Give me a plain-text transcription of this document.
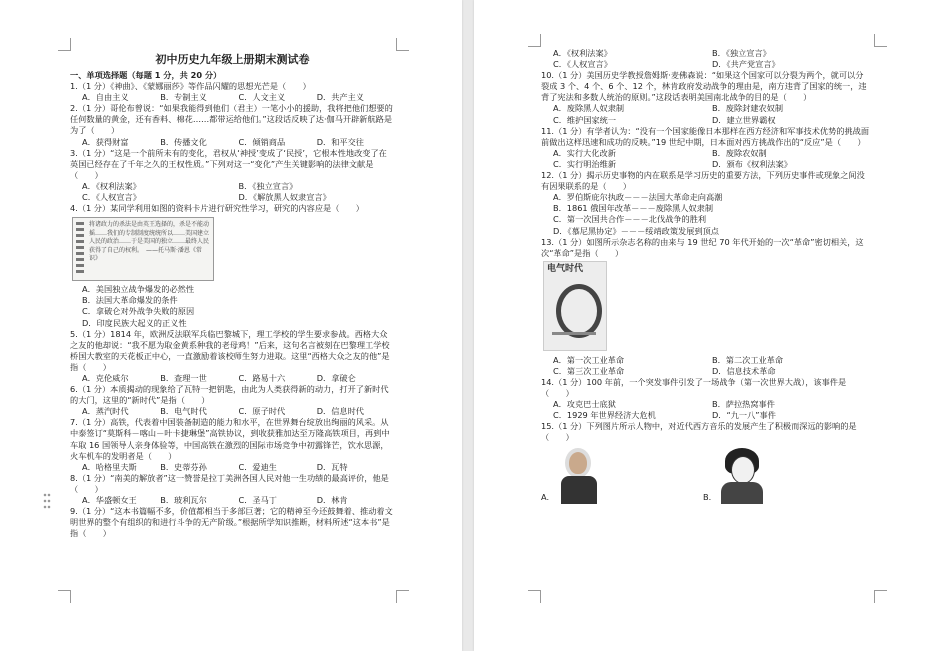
初中历史九年级上册期末测试卷
一、单项选择题（每题 1 分，共 20 分）
1.（1 分）《神曲》、《蒙娜丽莎》等作品闪耀的思想光芒是（　　）
A．自由主义	B．专制主义	C．人文主义	D．共产主义
2.（1 分）哥伦布曾说：“如果我能得到他们（君主）一笔小小的援助，我将把他们想要的任何数量的黄金，还有香料、棉花……都带运给他们。”这段话反映了达·伽马开辟新航路是为了（　　）
A．获得财富	B．传播文化	C．倾销商品	D．和平交往
3.（1 分）“这是一个前所未有的变化，君权从‘神授’变成了‘民授’，它根本性地改变了在英国已经存在了千年之久的王权性质。”下列对这一“变化”产生关键影响的法律文献是（　　）
A．《权利法案》	B．《独立宣言》
C．《人权宣言》	D．《解放黑人奴隶宣言》
4.（1 分）某同学利用如图的资料卡片进行研究性学习，研究的内容应是（　　）
将诸政力的杀法是由英王选择的，杀是不能动摇……我们的专制制度统统所以……美国建立人民的政治……于是美国的独立……最终人民获得了自己的权利。　——托马斯·潘恩《常识》
A．美国独立战争爆发的必然性
B．法国大革命爆发的条件
C．拿破仑对外战争失败的原因
D．印度民族大起义的正义性
5.（1 分）1814 年，欧洲反法联军兵临巴黎城下，理工学校的学生要求参战。西格大众之友的他却说：“我不愿为取金黄系种我的老母鸡！”后来，这句名言被刻在巴黎理工学校桥国大教室的天花板正中心，一直激励着该校师生努力进取。这里“西格大众之友的他”是指（　　）
A．克伦威尔	B．查理一世	C．路易十六	D．拿破仑
6.（1 分）本质揭动的现象给了瓦特一把钥匙，由此为人类获得新的动力，打开了新时代的大门，这里的“新时代”是指（　　）
A．蒸汽时代	B．电气时代	C．原子时代	D．信息时代
7.（1 分）高铁，代表着中国装备制造的能力和水平，在世界舞台绽放出绚丽的风采。从中泰签订“莫斯科－喀山－叶卡捷琳堡”高铁协议，到收获雅加达至万隆高铁项目，再到中车取 16 国领导人亲身体验等，中国高铁在激烈的国际市场竞争中初露锋芒，饮水思源，火车机车的发明者是（　　）
A．哈格里夫斯	B．史蒂芬孙	C．爱迪生	D．瓦特
8.（1 分）“南美的解放者”这一赞誉是拉丁美洲各国人民对他一生功绩的最高评价，他是（　　）
A．华盛顿女王	B．玻利瓦尔	C．圣马丁	D．林肯
9.（1 分）“这本书篇幅不多，价值都相当于多部巨著；它的精神至今还鼓舞着、推动着文明世界的整个有组织的和进行斗争的无产阶级。”根据所学知识推断，材料所述“这本书”是指（　　）
A．《权利法案》	B．《独立宣言》
C．《人权宣言》	D．《共产党宣言》
10.（1 分）美国历史学教授詹姆斯·麦佛森说：“如果这个国家可以分裂为两个，就可以分裂成 3 个、4 个、6 个、12 个，林肯政府发动战争的理由是，南方违背了国家的统一，违背了宪法和多数人统治的原则。”这段话表明美国南北战争的目的是（　　）
A．废除黑人奴隶制	B．废除封建农奴制
C．维护国家统一	D．建立世界霸权
11.（1 分）有学者认为：“没有一个国家能像日本那样在西方经济和军事技术优势的挑战面前做出这样迅速和成功的反映。”19 世纪中期，日本面对西方挑战作出的“反应”是（　　）
A．实行大化改新	B．废除农奴制
C．实行明治维新	D．颁布《权利法案》
12.（1 分）揭示历史事物的内在联系是学习历史的重要方法，下列历史事件或现象之间没有因果联系的是（　　）
A．罗伯斯庇尔执政－－－法国大革命走向高潮
B．1861 俄国年改革－－－废除黑人奴隶制
C．第一次国共合作－－－北伐战争的胜利
D．《慕尼黑协定》－－－绥靖政策发展到顶点
13.（1 分）如图所示杂志名称的由来与 19 世纪 70 年代开始的一次“革命”密切相关，这次“革命”是指（　　）
电气时代
A．第一次工业革命	B．第二次工业革命
C．第三次工业革命	D．信息技术革命
14.（1 分）100 年前，一个突发事件引发了一场战争（第一次世界大战），该事件是（　　）
A．攻克巴士底狱	B．萨拉热窝事件
C．1929 年世界经济大危机	D．“九一八”事件
15.（1 分）下列图片所示人物中，对近代西方音乐的发展产生了积极而深远的影响的是（　　）
A.	B.
